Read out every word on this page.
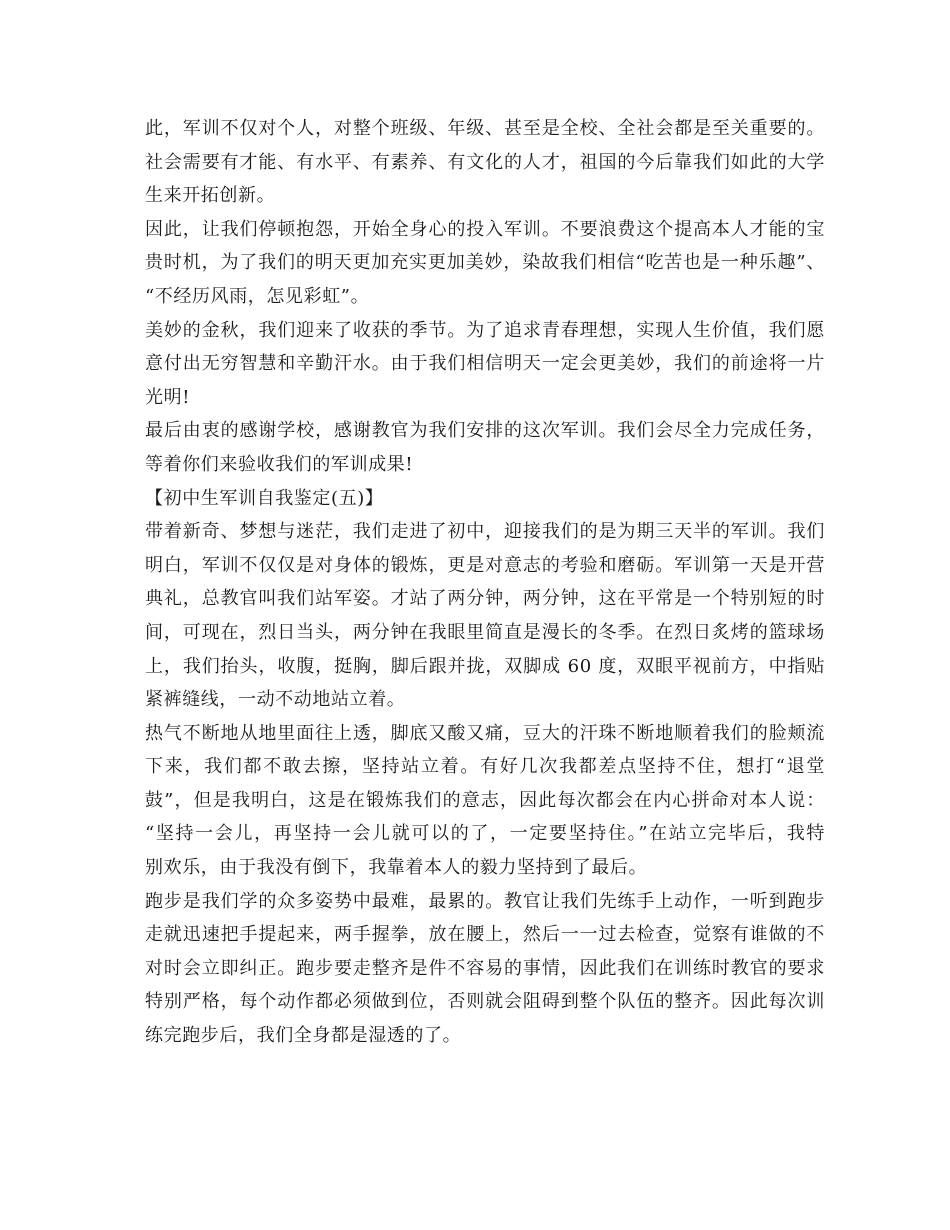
此，军训不仅对个人，对整个班级、年级、甚至是全校、全社会都是至关重要的。
社会需要有才能、有水平、有素养、有文化的人才，祖国的今后靠我们如此的大学
生来开拓创新。
因此，让我们停顿抱怨，开始全身心的投入军训。不要浪费这个提高本人才能的宝
贵时机，为了我们的明天更加充实更加美妙，染故我们相信“吃苦也是一种乐趣”、
“不经历风雨，怎见彩虹”。
美妙的金秋，我们迎来了收获的季节。为了追求青春理想，实现人生价值，我们愿
意付出无穷智慧和辛勤汗水。由于我们相信明天一定会更美妙，我们的前途将一片
光明!
最后由衷的感谢学校，感谢教官为我们安排的这次军训。我们会尽全力完成任务，
等着你们来验收我们的军训成果!
【初中生军训自我鉴定(五)】
带着新奇、梦想与迷茫，我们走进了初中，迎接我们的是为期三天半的军训。我们
明白，军训不仅仅是对身体的锻炼，更是对意志的考验和磨砺。军训第一天是开营
典礼，总教官叫我们站军姿。才站了两分钟，两分钟，这在平常是一个特别短的时
间，可现在，烈日当头，两分钟在我眼里简直是漫长的冬季。在烈日炙烤的篮球场
上，我们抬头，收腹，挺胸，脚后跟并拢，双脚成 60 度，双眼平视前方，中指贴
紧裤缝线，一动不动地站立着。
热气不断地从地里面往上透，脚底又酸又痛，豆大的汗珠不断地顺着我们的脸颊流
下来，我们都不敢去擦，坚持站立着。有好几次我都差点坚持不住，想打“退堂
鼓”，但是我明白，这是在锻炼我们的意志，因此每次都会在内心拼命对本人说：
“坚持一会儿，再坚持一会儿就可以的了，一定要坚持住。”在站立完毕后，我特
别欢乐，由于我没有倒下，我靠着本人的毅力坚持到了最后。
跑步是我们学的众多姿势中最难，最累的。教官让我们先练手上动作，一听到跑步
走就迅速把手提起来，两手握拳，放在腰上，然后一一过去检查，觉察有谁做的不
对时会立即纠正。跑步要走整齐是件不容易的事情，因此我们在训练时教官的要求
特别严格，每个动作都必须做到位，否则就会阻碍到整个队伍的整齐。因此每次训
练完跑步后，我们全身都是湿透的了。
